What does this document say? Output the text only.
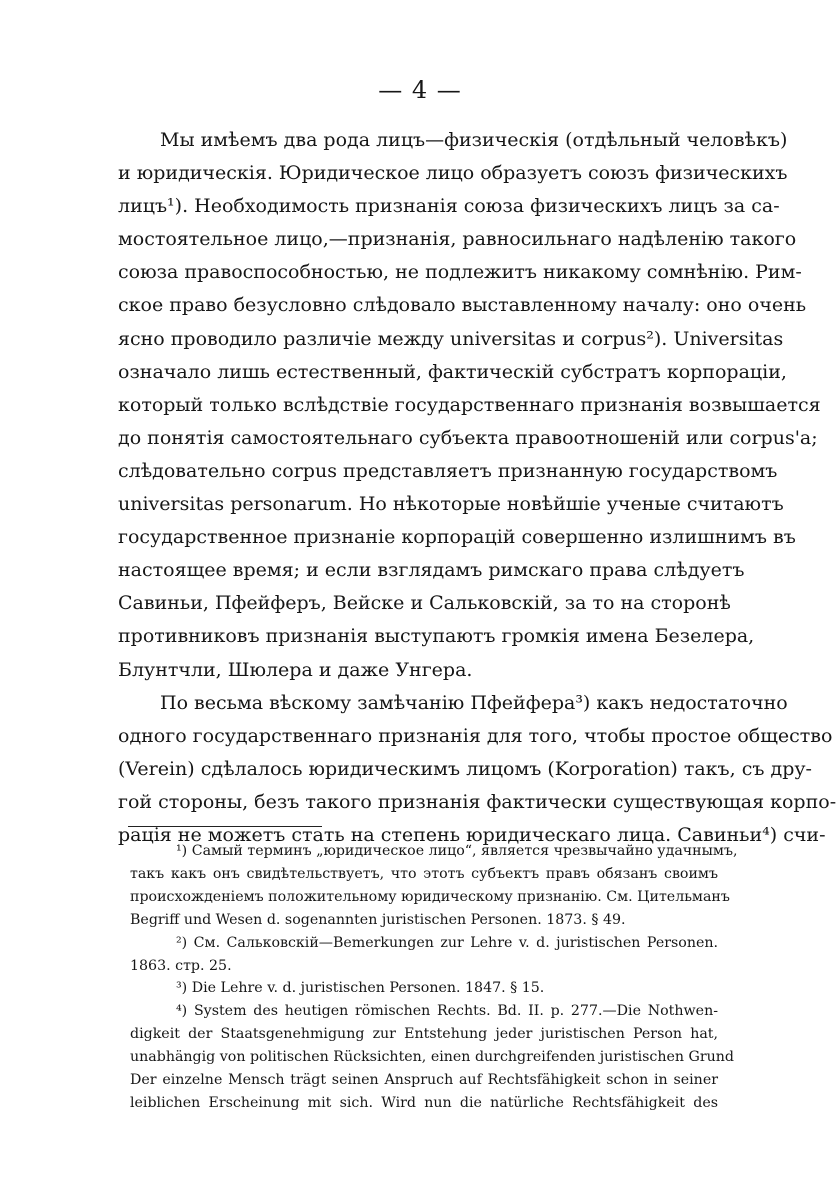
— 4 —
Мы имѣемъ два рода лицъ—физическія (отдѣльный человѣкъ)
и юридическія. Юридическое лицо образуетъ союзъ физическихъ
лицъ¹). Необходимость признанія союза физическихъ лицъ за са-
мостоятельное лицо,—признанія, равносильнаго надѣленію такого
союза правоспособностью, не подлежитъ никакому сомнѣнію. Рим-
ское право безусловно слѣдовало выставленному началу: оно очень
ясно проводило различіе между universitas и corpus²). Universitas
означало лишь естественный, фактическій субстратъ корпораціи,
который только вслѣдствіе государственнаго признанія возвышается
до понятія самостоятельнаго субъекта правоотношеній или corpus'a;
слѣдовательно corpus представляетъ признанную государствомъ
universitas personarum. Но нѣкоторые новѣйшіе ученые считаютъ
государственное признаніе корпорацій совершенно излишнимъ въ
настоящее время; и если взглядамъ римскаго права слѣдуетъ
Савиньи, Пфейферъ, Вейске и Сальковскій, за то на сторонѣ
противниковъ признанія выступаютъ громкія имена Безелера,
Блунтчли, Шюлера и даже Унгера.
По весьма вѣскому замѣчанію Пфейфера³) какъ недостаточно
одного государственнаго признанія для того, чтобы простое общество
(Verein) сдѣлалось юридическимъ лицомъ (Korporation) такъ, съ дру-
гой стороны, безъ такого признанія фактически существующая корпо-
рація не можетъ стать на степень юридическаго лица. Савиньи⁴) счи-
¹) Самый терминъ „юридическое лицо“, является чрезвычайно удачнымъ,
такъ какъ онъ свидѣтельствуетъ, что этотъ субъектъ правъ обязанъ своимъ
происхожденіемъ положительному юридическому признанію. См. Цительманъ
Begriff und Wesen d. sogenannten juristischen Personen. 1873. § 49.
²) См. Сальковскій—Bemerkungen zur Lehre v. d. juristischen Personen.
1863. стр. 25.
³) Die Lehre v. d. juristischen Personen. 1847. § 15.
⁴) System des heutigen römischen Rechts. Bd. II. p. 277.—Die Nothwen-
digkeit der Staatsgenehmigung zur Entstehung jeder juristischen Person hat,
unabhängig von politischen Rücksichten, einen durchgreifenden juristischen Grund
Der einzelne Mensch trägt seinen Anspruch auf Rechtsfähigkeit schon in seiner
leiblichen Erscheinung mit sich. Wird nun die natürliche Rechtsfähigkeit des
